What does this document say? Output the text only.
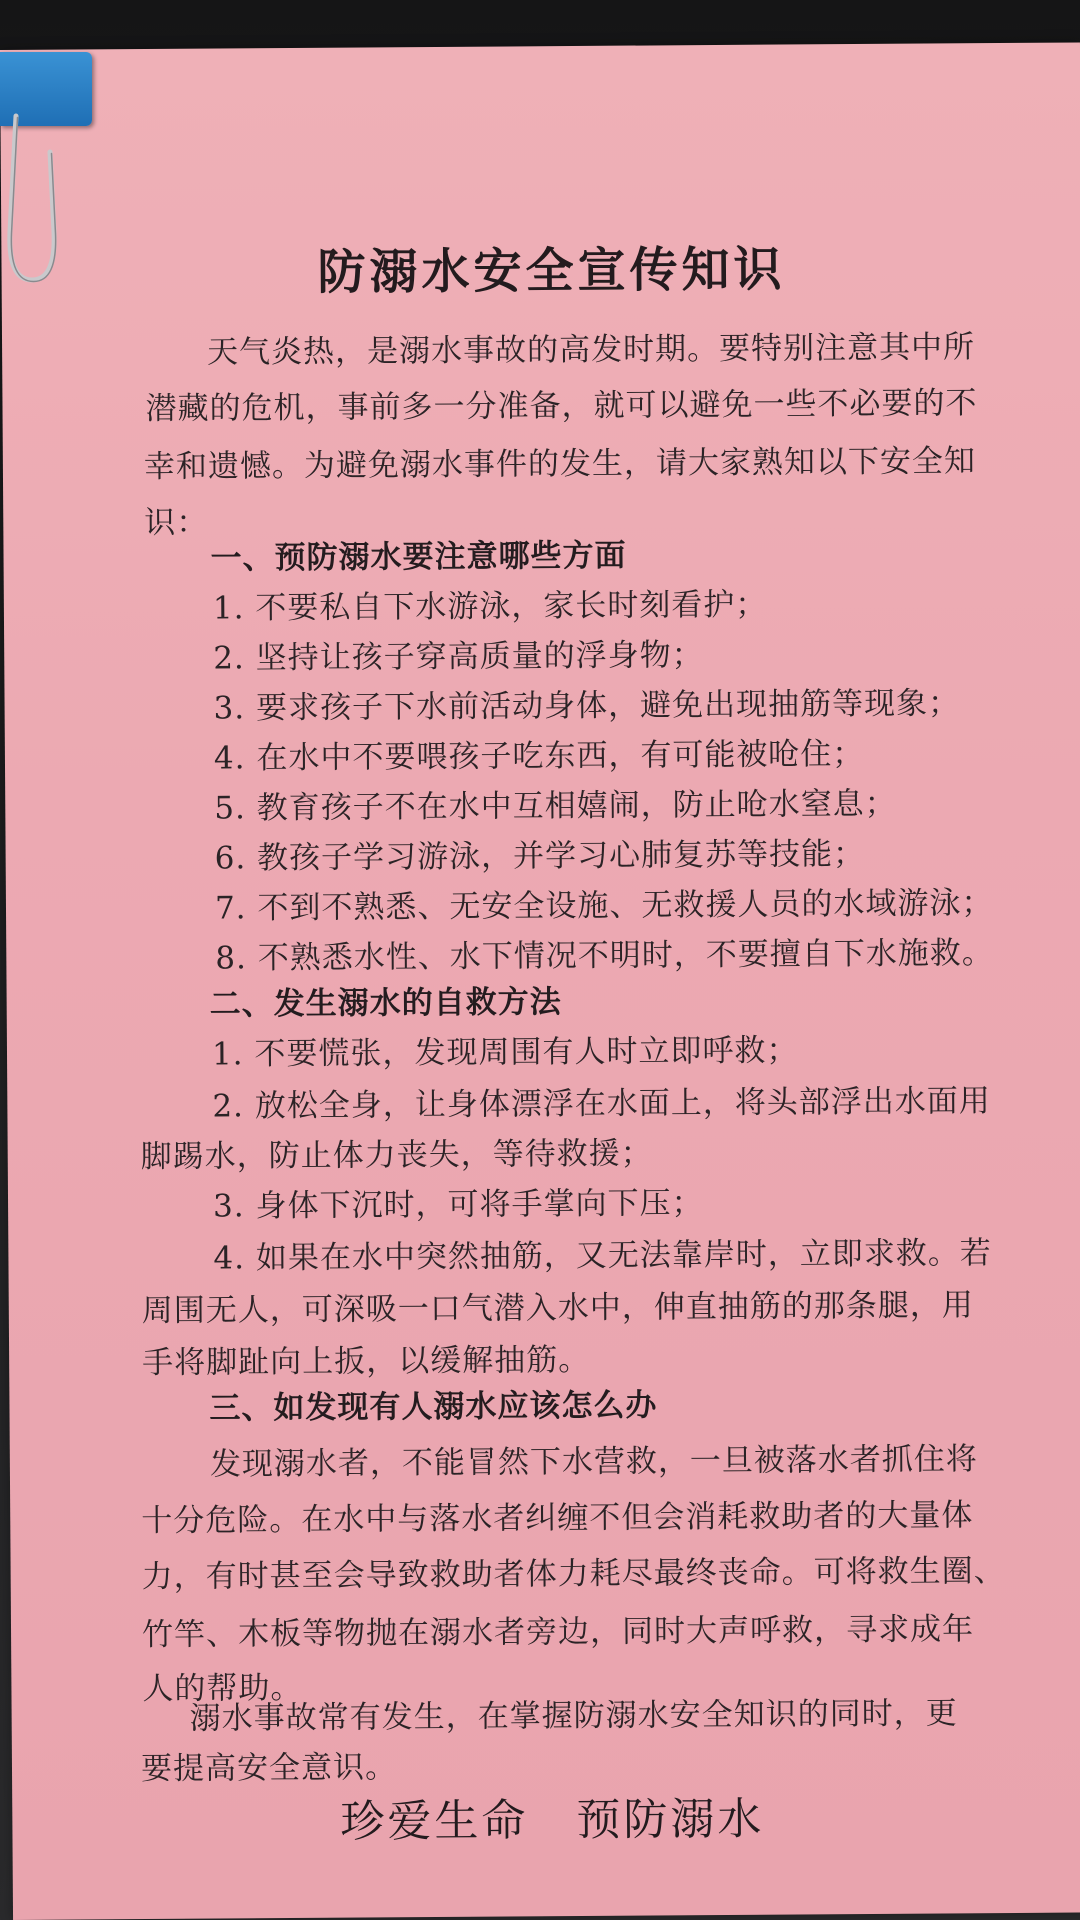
防溺水安全宣传知识
天气炎热，是溺水事故的高发时期。要特别注意其中所
潜藏的危机，事前多一分准备，就可以避免一些不必要的不
幸和遗憾。为避免溺水事件的发生，请大家熟知以下安全知
识：
一、预防溺水要注意哪些方面
1. 不要私自下水游泳，家长时刻看护；
2. 坚持让孩子穿高质量的浮身物；
3. 要求孩子下水前活动身体，避免出现抽筋等现象；
4. 在水中不要喂孩子吃东西，有可能被呛住；
5. 教育孩子不在水中互相嬉闹，防止呛水窒息；
6. 教孩子学习游泳，并学习心肺复苏等技能；
7. 不到不熟悉、无安全设施、无救援人员的水域游泳；
8. 不熟悉水性、水下情况不明时，不要擅自下水施救。
二、发生溺水的自救方法
1. 不要慌张，发现周围有人时立即呼救；
2. 放松全身，让身体漂浮在水面上，将头部浮出水面用
脚踢水，防止体力丧失，等待救援；
3. 身体下沉时，可将手掌向下压；
4. 如果在水中突然抽筋，又无法靠岸时，立即求救。若
周围无人，可深吸一口气潜入水中，伸直抽筋的那条腿，用
手将脚趾向上扳，以缓解抽筋。
三、如发现有人溺水应该怎么办
发现溺水者，不能冒然下水营救，一旦被落水者抓住将
十分危险。在水中与落水者纠缠不但会消耗救助者的大量体
力，有时甚至会导致救助者体力耗尽最终丧命。可将救生圈、
竹竿、木板等物抛在溺水者旁边，同时大声呼救，寻求成年
人的帮助。
溺水事故常有发生，在掌握防溺水安全知识的同时，更
要提高安全意识。
珍爱生命 预防溺水
